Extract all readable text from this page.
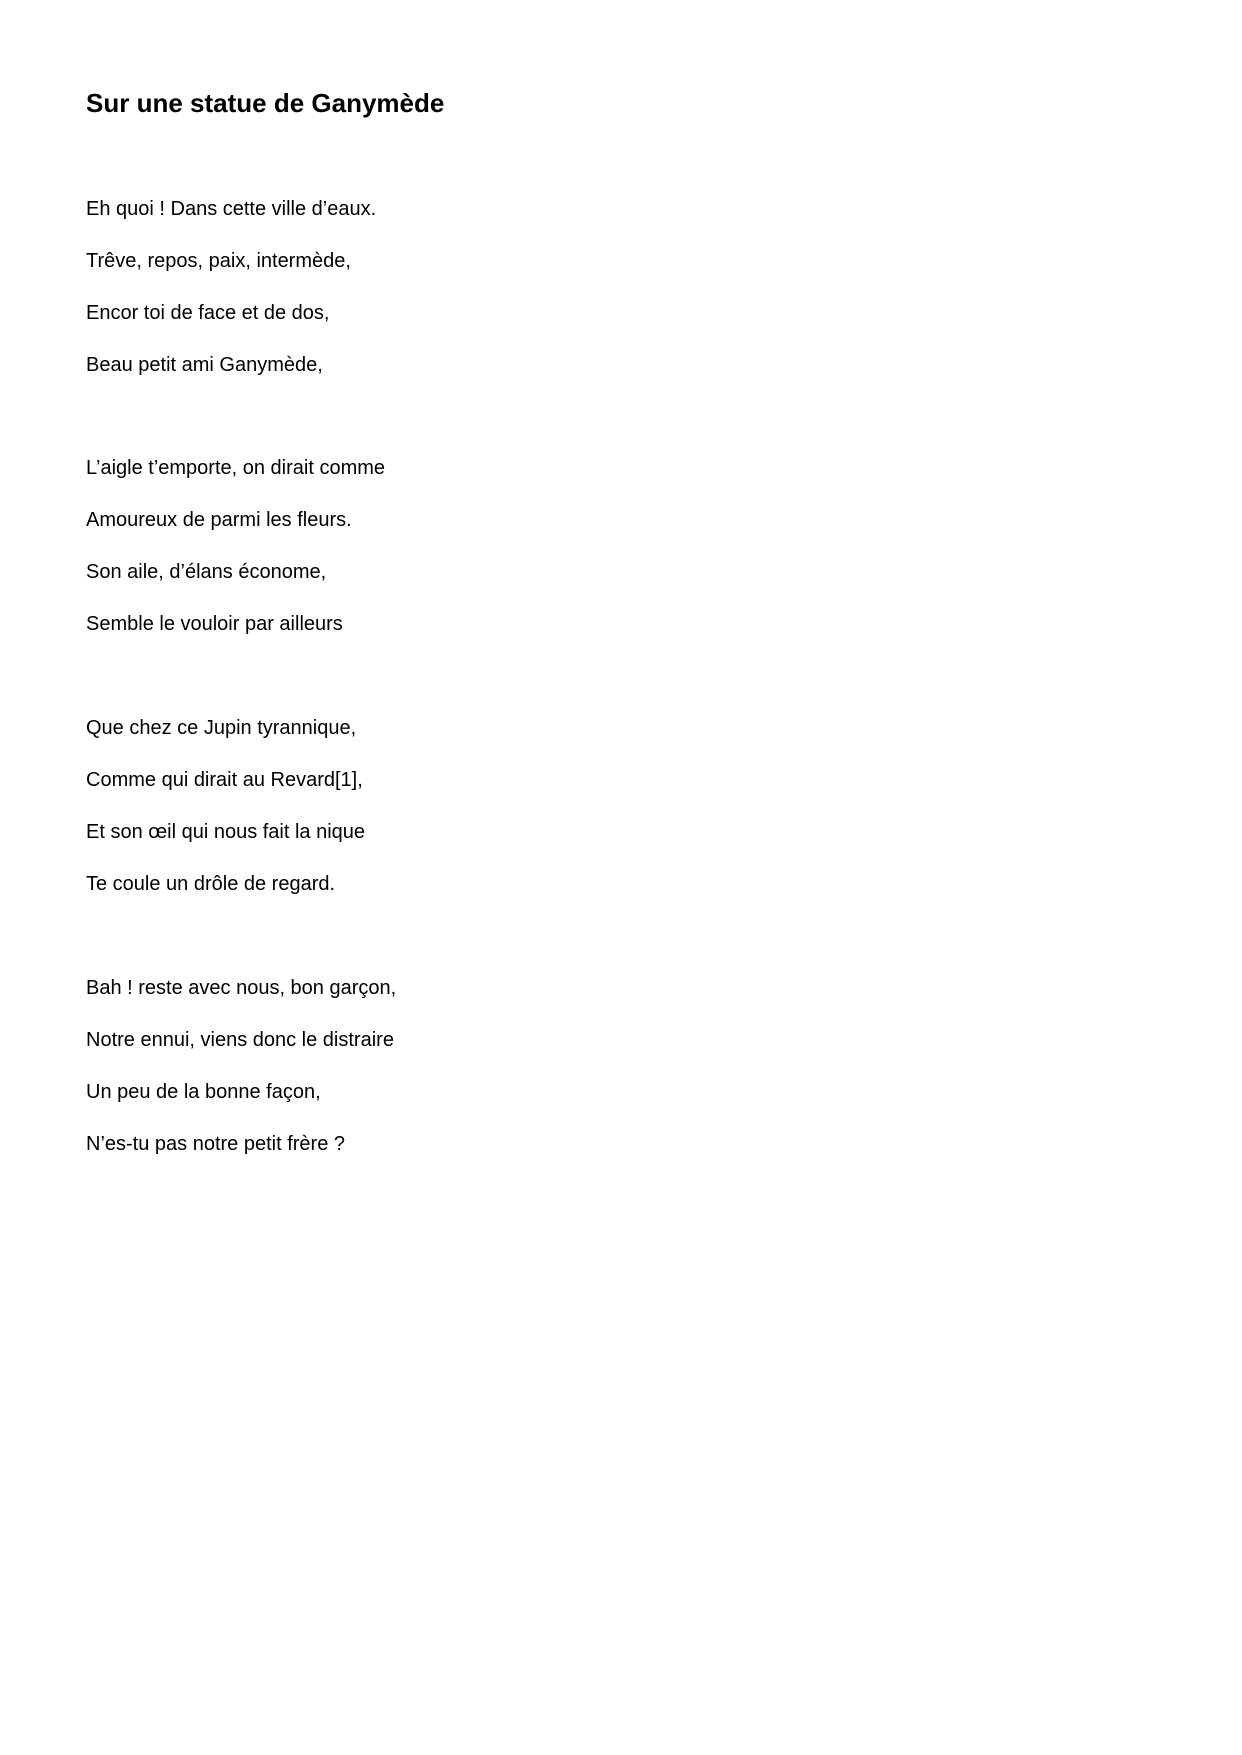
Sur une statue de Ganymède

Eh quoi ! Dans cette ville d’eaux.

Trêve, repos, paix, intermède,

Encor toi de face et de dos,

Beau petit ami Ganymède,

L’aigle t’emporte, on dirait comme

Amoureux de parmi les fleurs.

Son aile, d’élans économe,

Semble le vouloir par ailleurs

Que chez ce Jupin tyrannique,

Comme qui dirait au Revard[1],

Et son œil qui nous fait la nique

Te coule un drôle de regard.

Bah ! reste avec nous, bon garçon,

Notre ennui, viens donc le distraire

Un peu de la bonne façon,

N’es-tu pas notre petit frère ?
